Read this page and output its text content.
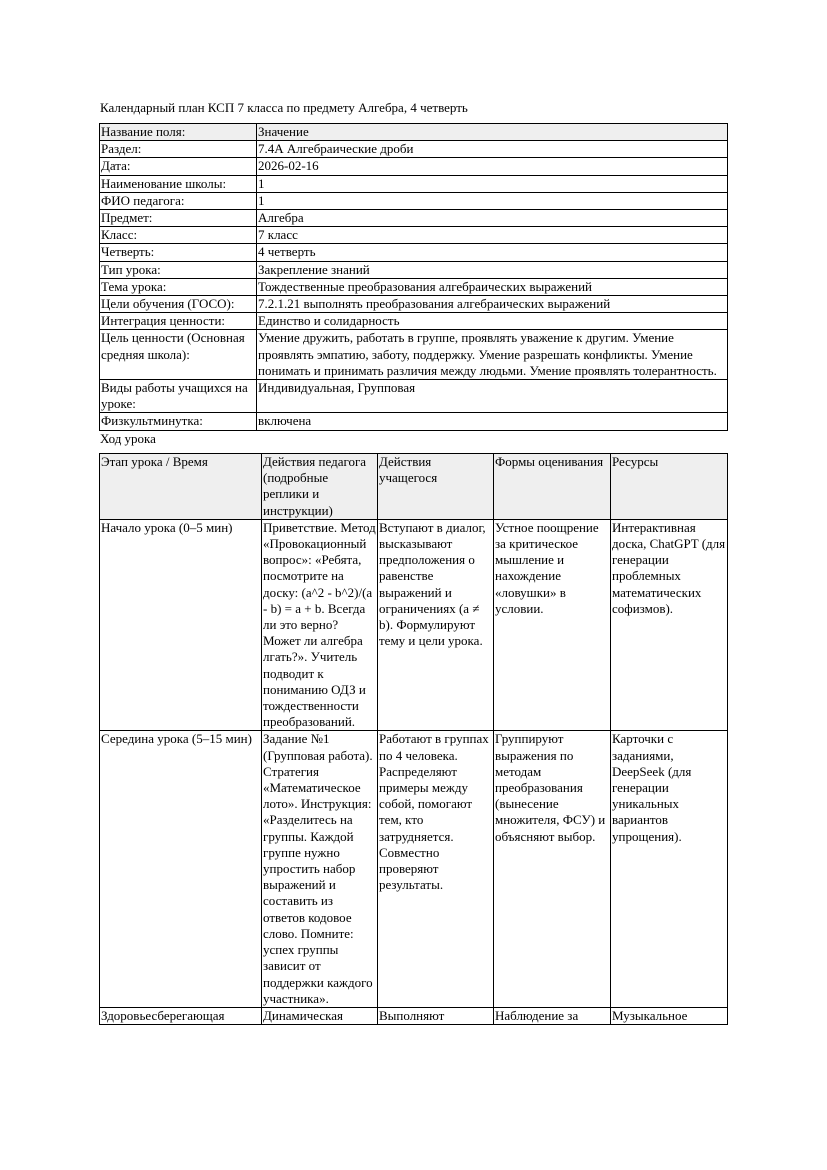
Календарный план КСП 7 класса по предмету Алгебра, 4 четверть
Название поля:	Значение
Раздел:	7.4А Алгебраические дроби
Дата:	2026-02-16
Наименование школы:	1
ФИО педагога:	1
Предмет:	Алгебра
Класс:	7 класс
Четверть:	4 четверть
Тип урока:	Закрепление знаний
Тема урока:	Тождественные преобразования алгебраических выражений
Цели обучения (ГОСО):	7.2.1.21 выполнять преобразования алгебраических выражений
Интеграция ценности:	Единство и солидарность
Цель ценности (Основная средняя школа):	Умение дружить, работать в группе, проявлять уважение к другим. Умение проявлять эмпатию, заботу, поддержку. Умение разрешать конфликты. Умение понимать и принимать различия между людьми. Умение проявлять толерантность.
Виды работы учащихся на уроке:	Индивидуальная, Групповая
Физкультминутка:	включена
Ход урока
Этап урока / Время	Действия педагога (подробные реплики и инструкции)	Действия учащегося	Формы оценивания	Ресурсы
Начало урока (0–5 мин)	Приветствие. Метод «Провокационный вопрос»: «Ребята, посмотрите на доску: (a^2 - b^2)/(a - b) = a + b. Всегда ли это верно? Может ли алгебра лгать?». Учитель подводит к пониманию ОДЗ и тождественности преобразований.	Вступают в диалог, высказывают предположения о равенстве выражений и ограничениях (a ≠ b). Формулируют тему и цели урока.	Устное поощрение за критическое мышление и нахождение «ловушки» в условии.	Интерактивная доска, ChatGPT (для генерации проблемных математических софизмов).
Середина урока (5–15 мин)	Задание №1 (Групповая работа). Стратегия «Математическое лото». Инструкция: «Разделитесь на группы. Каждой группе нужно упростить набор выражений и составить из ответов кодовое слово. Помните: успех группы зависит от поддержки каждого участника».	Работают в группах по 4 человека. Распределяют примеры между собой, помогают тем, кто затрудняется. Совместно проверяют результаты.	Группируют выражения по методам преобразования (вынесение множителя, ФСУ) и объясняют выбор.	Карточки с заданиями, DeepSeek (для генерации уникальных вариантов упрощения).
Здоровьесберегающая	Динамическая	Выполняют	Наблюдение за	Музыкальное
